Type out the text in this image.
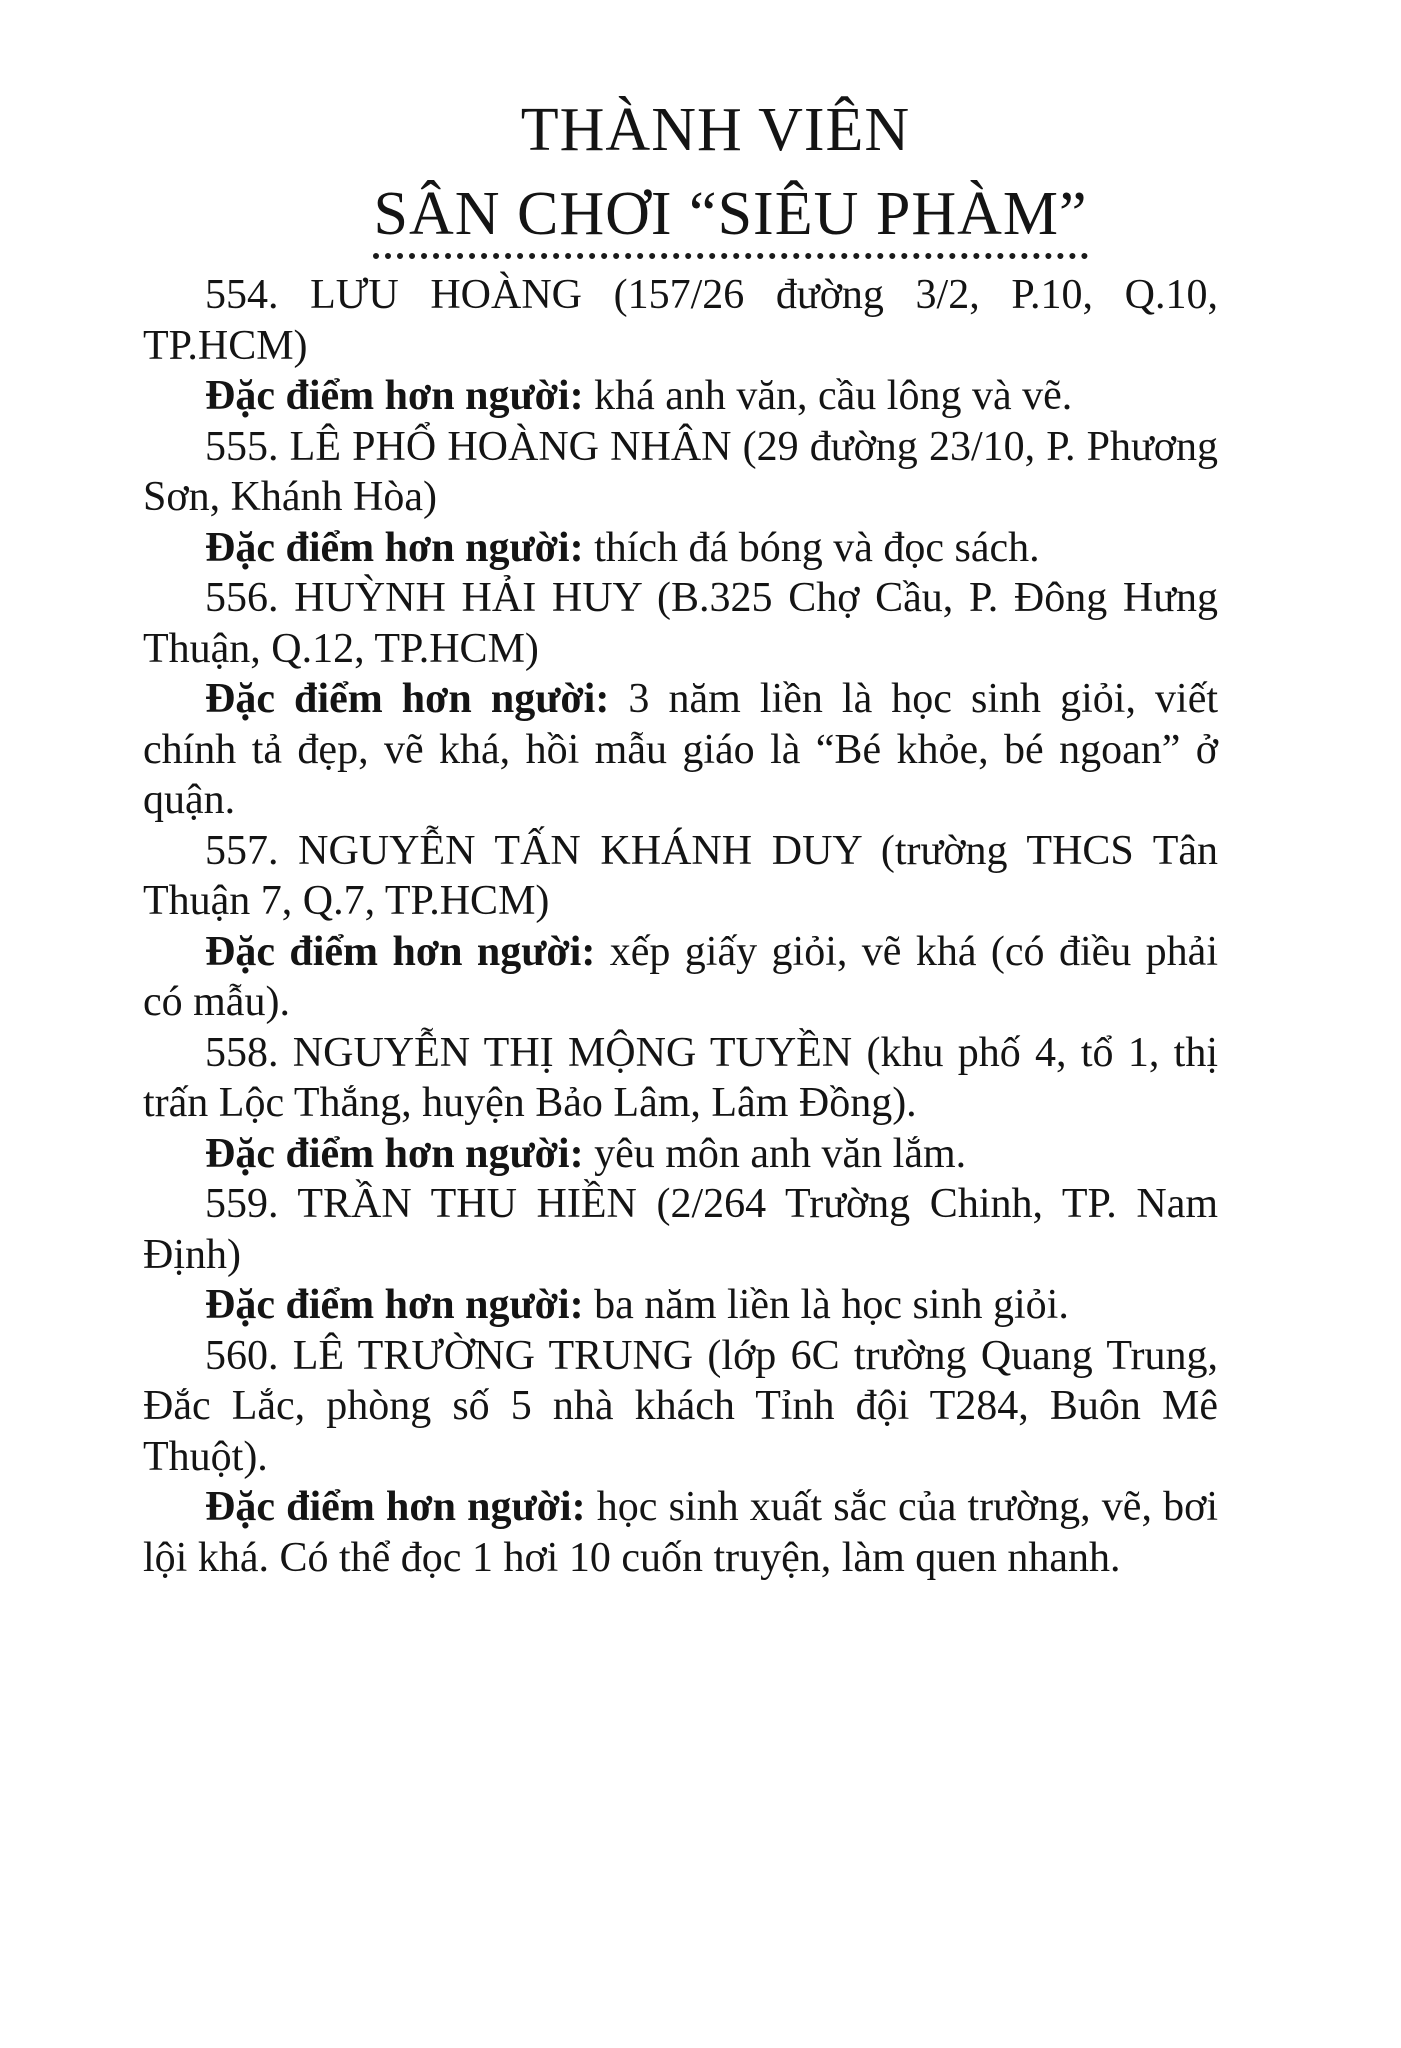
THÀNH VIÊN
SÂN CHƠI “SIÊU PHÀM”

554. LƯU HOÀNG (157/26 đường 3/2, P.10, Q.10, TP.HCM)

Đặc điểm hơn người: khá anh văn, cầu lông và vẽ.

555. LÊ PHỔ HOÀNG NHÂN (29 đường 23/10, P. Phương Sơn, Khánh Hòa)

Đặc điểm hơn người: thích đá bóng và đọc sách.

556. HUỲNH HẢI HUY (B.325 Chợ Cầu, P. Đông Hưng Thuận, Q.12, TP.HCM)

Đặc điểm hơn người: 3 năm liền là học sinh giỏi, viết chính tả đẹp, vẽ khá, hồi mẫu giáo là “Bé khỏe, bé ngoan” ở quận.

557. NGUYỄN TẤN KHÁNH DUY (trường THCS Tân Thuận 7, Q.7, TP.HCM)

Đặc điểm hơn người: xếp giấy giỏi, vẽ khá (có điều phải có mẫu).

558. NGUYỄN THỊ MỘNG TUYỀN (khu phố 4, tổ 1, thị trấn Lộc Thắng, huyện Bảo Lâm, Lâm Đồng).

Đặc điểm hơn người: yêu môn anh văn lắm.

559. TRẦN THU HIỀN (2/264 Trường Chinh, TP. Nam Định)

Đặc điểm hơn người: ba năm liền là học sinh giỏi.

560. LÊ TRƯỜNG TRUNG (lớp 6C trường Quang Trung, Đắc Lắc, phòng số 5 nhà khách Tỉnh đội T284, Buôn Mê Thuột).

Đặc điểm hơn người: học sinh xuất sắc của trường, vẽ, bơi lội khá. Có thể đọc 1 hơi 10 cuốn truyện, làm quen nhanh.
